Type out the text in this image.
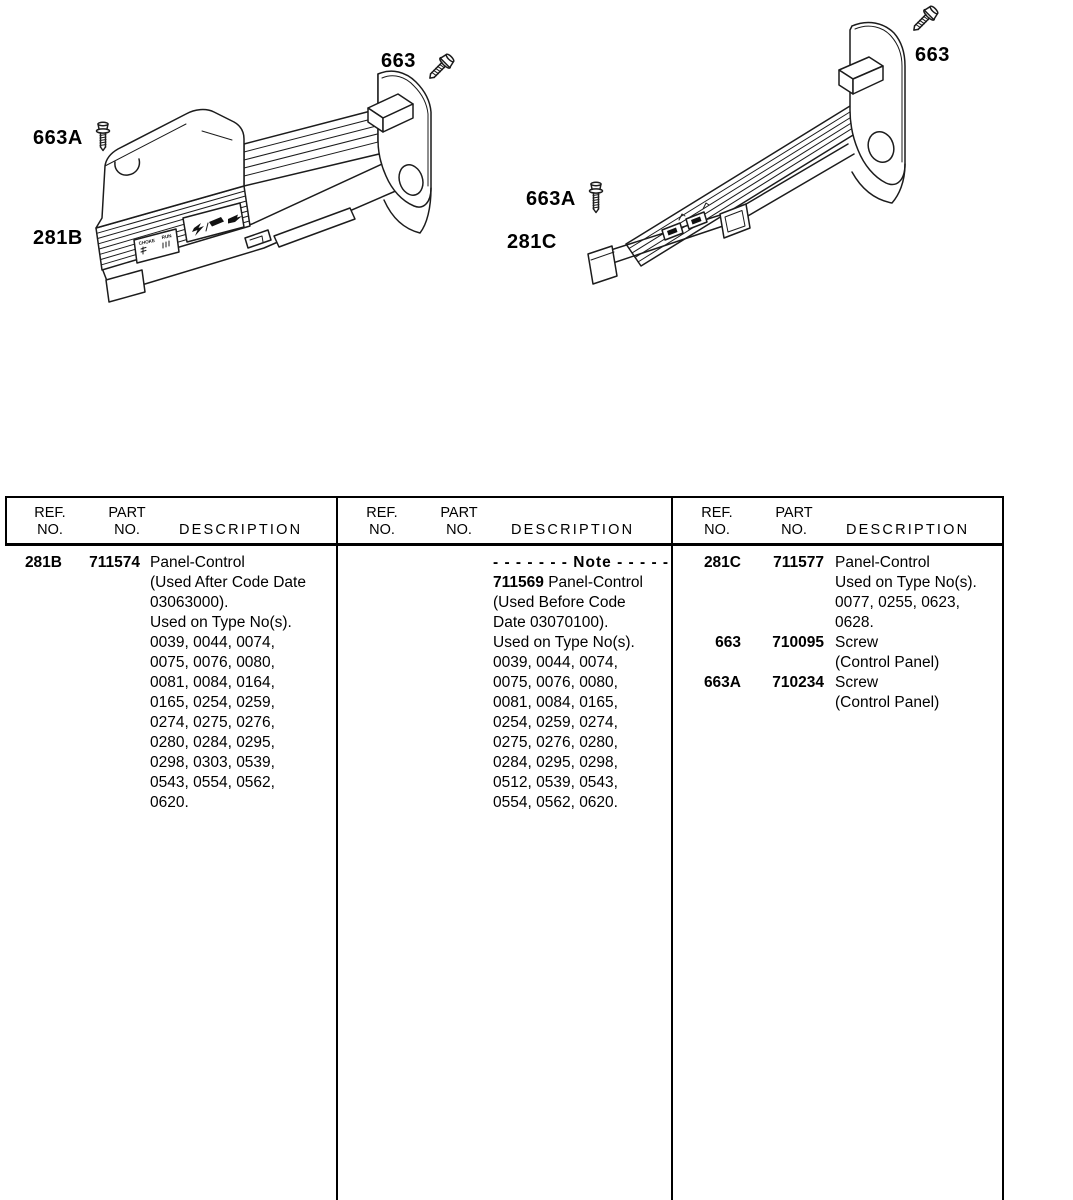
CHOKE
RUN
663
663A
281B
663
663A
281C
REF.
NO.
PART
NO.	DESCRIPTION
REF.
NO.
PART
NO.	DESCRIPTION
REF.
NO.
PART
NO.	DESCRIPTION
281B	711574 Panel-Control
(Used After Code Date
03063000).
Used on Type No(s).
0039, 0044, 0074,
0075, 0076, 0080,
0081, 0084, 0164,
0165, 0254, 0259,
0274, 0275, 0276,
0280, 0284, 0295,
0298, 0303, 0539,
0543, 0554, 0562,
0620.
- - - - - - - Note - - - - -
711569 Panel-Control
(Used Before Code
Date 03070100).
Used on Type No(s).
0039, 0044, 0074,
0075, 0076, 0080,
0081, 0084, 0165,
0254, 0259, 0274,
0275, 0276, 0280,
0284, 0295, 0298,
0512, 0539, 0543,
0554, 0562, 0620.
281C	711577 Panel-Control
Used on Type No(s).
0077, 0255, 0623,
0628.
663	710095 Screw
(Control Panel)
663A	710234 Screw
(Control Panel)
